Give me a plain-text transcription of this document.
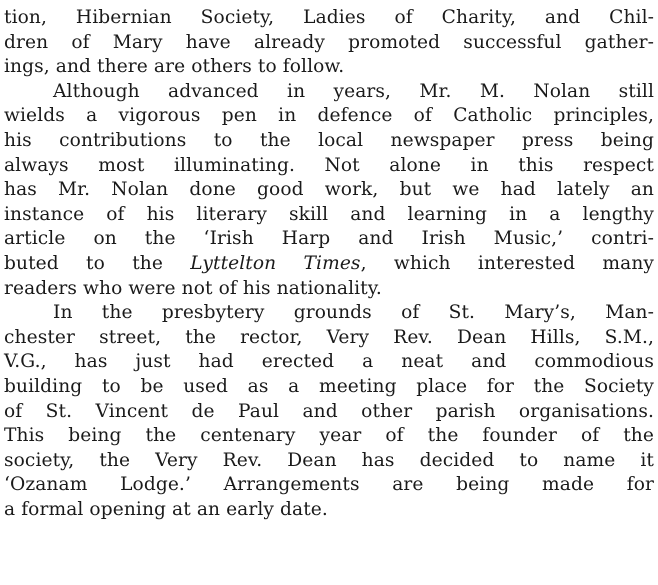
tion, Hibernian Society, Ladies of Charity, and Chil-
dren of Mary have already promoted successful gather-
ings, and there are others to follow.
Although advanced in years, Mr. M. Nolan still
wields a vigorous pen in defence of Catholic principles,
his contributions to the local newspaper press being
always most illuminating. Not alone in this respect
has Mr. Nolan done good work, but we had lately an
instance of his literary skill and learning in a lengthy
article on the ‘Irish Harp and Irish Music,’ contri-
buted to the Lyttelton Times, which interested many
readers who were not of his nationality.
In the presbytery grounds of St. Mary’s, Man-
chester street, the rector, Very Rev. Dean Hills, S.M.,
V.G., has just had erected a neat and commodious
building to be used as a meeting place for the Society
of St. Vincent de Paul and other parish organisations.
This being the centenary year of the founder of the
society, the Very Rev. Dean has decided to name it
‘Ozanam Lodge.’ Arrangements are being made for
a formal opening at an early date.
